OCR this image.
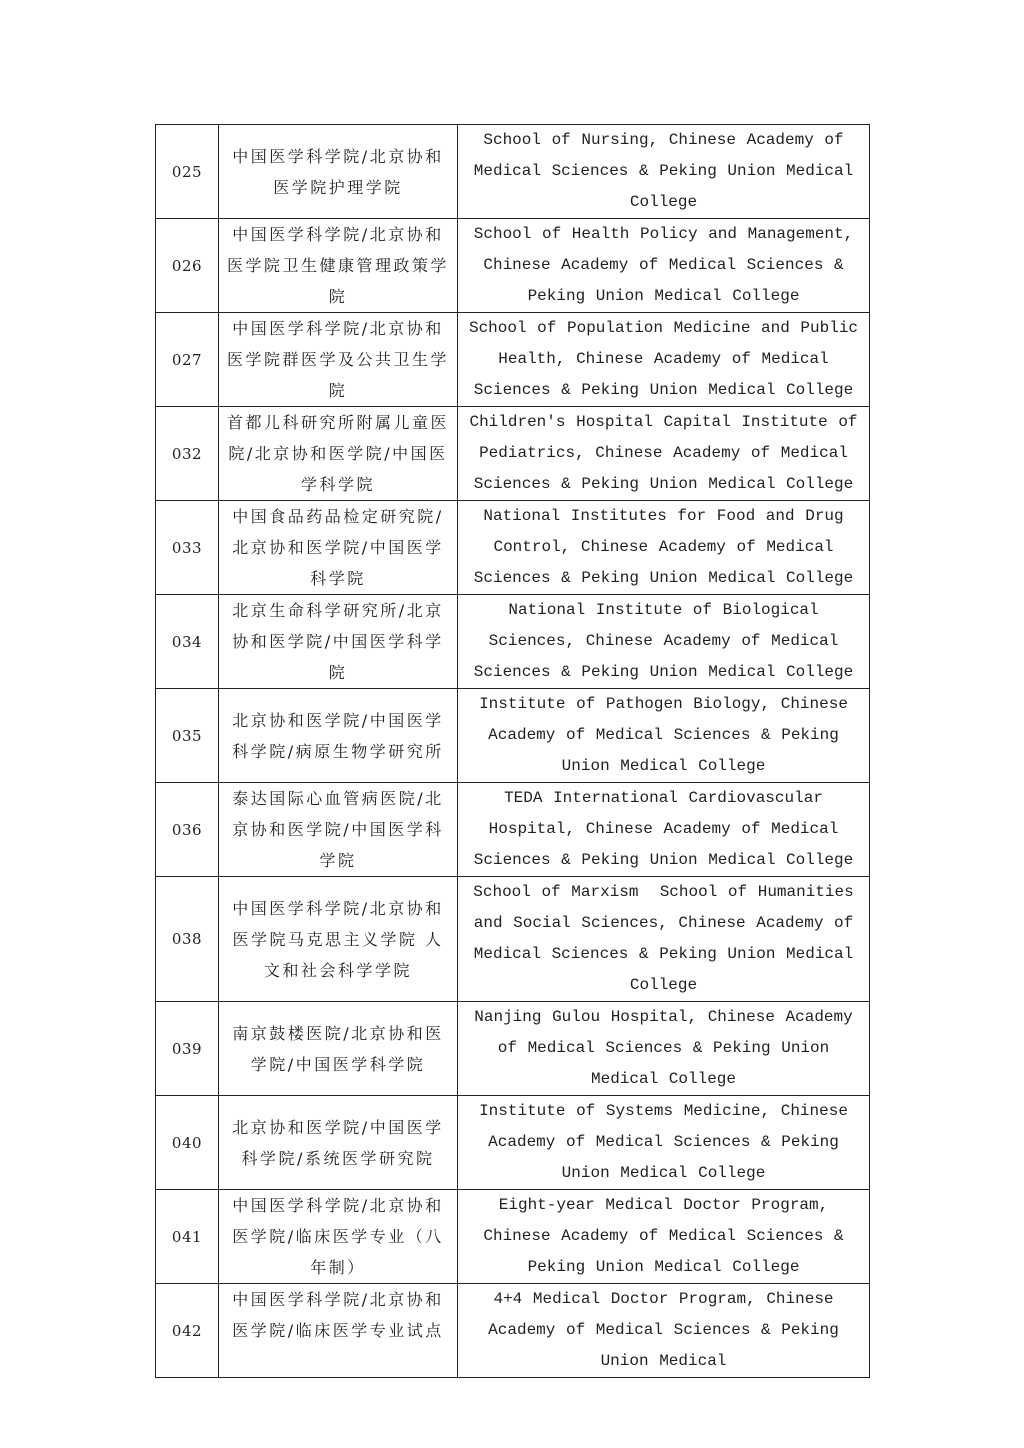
025	中国医学科学院/北京协和医学院护理学院	School of Nursing, Chinese Academy of Medical Sciences & Peking Union Medical College
026	中国医学科学院/北京协和医学院卫生健康管理政策学院	School of Health Policy and Management, Chinese Academy of Medical Sciences & Peking Union Medical College
027	中国医学科学院/北京协和医学院群医学及公共卫生学院	School of Population Medicine and Public Health, Chinese Academy of Medical Sciences & Peking Union Medical College
032	首都儿科研究所附属儿童医院/北京协和医学院/中国医学科学院	Children's Hospital Capital Institute of Pediatrics, Chinese Academy of Medical Sciences & Peking Union Medical College
033	中国食品药品检定研究院/北京协和医学院/中国医学科学院	National Institutes for Food and Drug Control, Chinese Academy of Medical Sciences & Peking Union Medical College
034	北京生命科学研究所/北京协和医学院/中国医学科学院	National Institute of Biological Sciences, Chinese Academy of Medical Sciences & Peking Union Medical College
035	北京协和医学院/中国医学科学院/病原生物学研究所	Institute of Pathogen Biology, Chinese Academy of Medical Sciences & Peking Union Medical College
036	泰达国际心血管病医院/北京协和医学院/中国医学科学院	TEDA International Cardiovascular Hospital, Chinese Academy of Medical Sciences & Peking Union Medical College
038	中国医学科学院/北京协和医学院马克思主义学院 人文和社会科学学院	School of Marxism  School of Humanities and Social Sciences, Chinese Academy of Medical Sciences & Peking Union Medical College
039	南京鼓楼医院/北京协和医学院/中国医学科学院	Nanjing Gulou Hospital, Chinese Academy of Medical Sciences & Peking Union Medical College
040	北京协和医学院/中国医学科学院/系统医学研究院	Institute of Systems Medicine, Chinese Academy of Medical Sciences & Peking Union Medical College
041	中国医学科学院/北京协和医学院/临床医学专业（八年制）	Eight-year Medical Doctor Program, Chinese Academy of Medical Sciences & Peking Union Medical College
042	中国医学科学院/北京协和医学院/临床医学专业试点	4+4 Medical Doctor Program, Chinese Academy of Medical Sciences & Peking Union Medical
